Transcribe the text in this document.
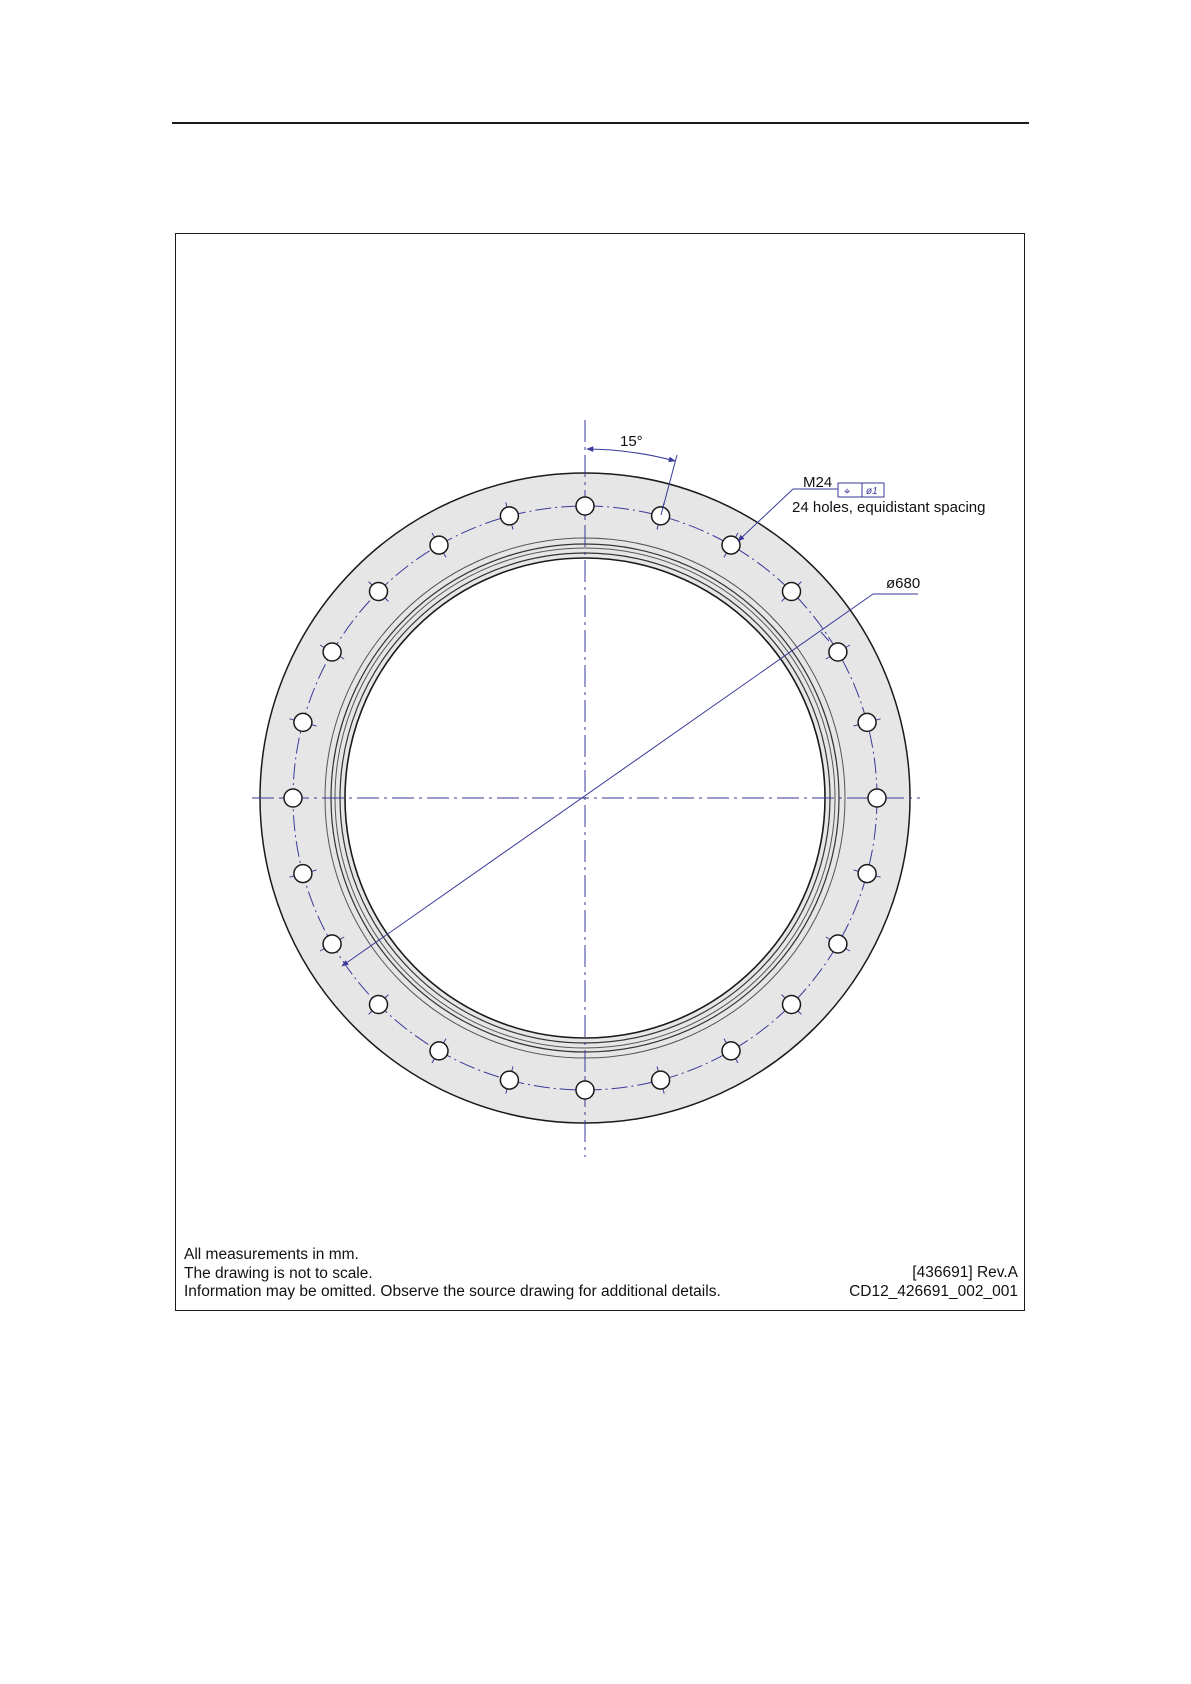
15°
M24
⌖ ø1
24 holes, equidistant spacing
ø680
All measurements in mm.
The drawing is not to scale.
Information may be omitted. Observe the source drawing for additional details.
[436691] Rev.A
CD12_426691_002_001
